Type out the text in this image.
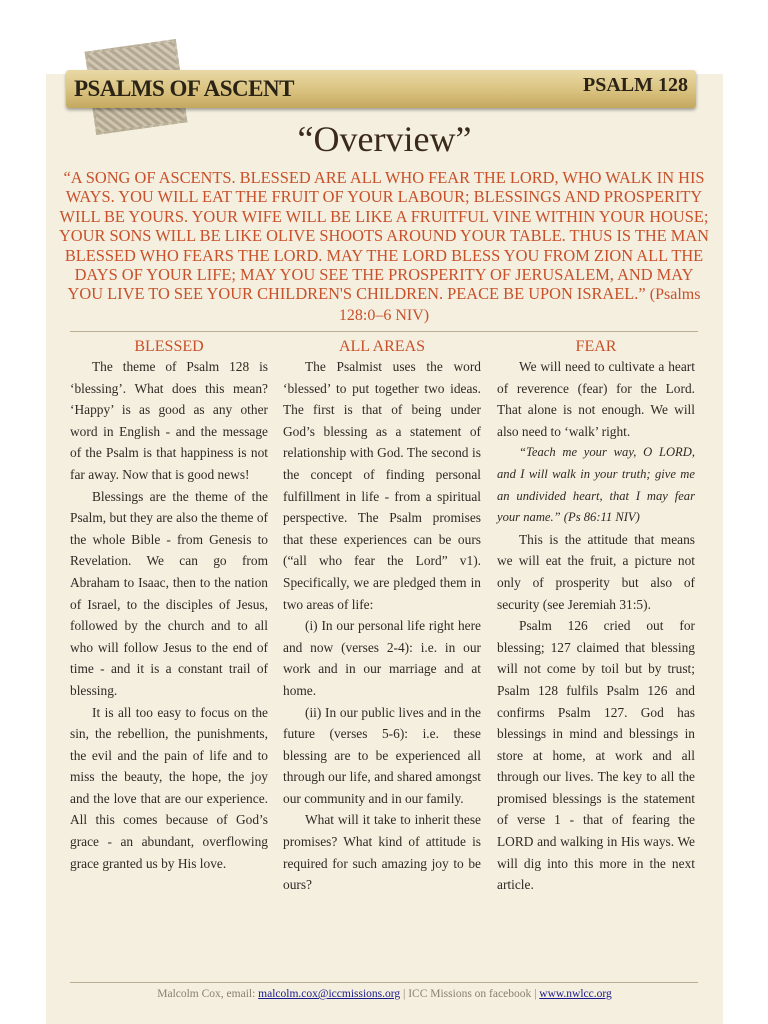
PSALMS OF ASCENT	PSALM 128
“Overview”
“A SONG OF ASCENTS. BLESSED ARE ALL WHO FEAR THE LORD, WHO WALK IN HIS WAYS. YOU WILL EAT THE FRUIT OF YOUR LABOUR; BLESSINGS AND PROSPERITY WILL BE YOURS. YOUR WIFE WILL BE LIKE A FRUITFUL VINE WITHIN YOUR HOUSE; YOUR SONS WILL BE LIKE OLIVE SHOOTS AROUND YOUR TABLE. THUS IS THE MAN BLESSED WHO FEARS THE LORD. MAY THE LORD BLESS YOU FROM ZION ALL THE DAYS OF YOUR LIFE; MAY YOU SEE THE PROSPERITY OF JERUSALEM, AND MAY YOU LIVE TO SEE YOUR CHILDREN'S CHILDREN. PEACE BE UPON ISRAEL.” (Psalms 128:0–6 NIV)
BLESSED	ALL AREAS	FEAR

The theme of Psalm 128 is ‘blessing’. What does this mean? ‘Happy’ is as good as any other word in English - and the message of the Psalm is that happiness is not far away. Now that is good news!

Blessings are the theme of the Psalm, but they are also the theme of the whole Bible - from Genesis to Revelation. We can go from Abraham to Isaac, then to the nation of Israel, to the disciples of Jesus, followed by the church and to all who will follow Jesus to the end of time - and it is a constant trail of blessing.

It is all too easy to focus on the sin, the rebellion, the punishments, the evil and the pain of life and to miss the beauty, the hope, the joy and the love that are our experience. All this comes because of God’s grace - an abundant, overflowing grace granted us by His love.

The Psalmist uses the word ‘blessed’ to put together two ideas. The first is that of being under God’s blessing as a statement of relationship with God. The second is the concept of finding personal fulfillment in life - from a spiritual perspective. The Psalm promises that these experiences can be ours (“all who fear the Lord” v1). Specifically, we are pledged them in two areas of life:

(i) In our personal life right here and now (verses 2-4): i.e. in our work and in our marriage and at home.

(ii) In our public lives and in the future (verses 5-6): i.e. these blessing are to be experienced all through our life, and shared amongst our community and in our family.

What will it take to inherit these promises? What kind of attitude is required for such amazing joy to be ours?

We will need to cultivate a heart of reverence (fear) for the Lord. That alone is not enough. We will also need to ‘walk’ right.

“Teach me your way, O LORD, and I will walk in your truth; give me an undivided heart, that I may fear your name.” (Ps 86:11 NIV)

This is the attitude that means we will eat the fruit, a picture not only of prosperity but also of security (see Jeremiah 31:5).

Psalm 126 cried out for blessing; 127 claimed that blessing will not come by toil but by trust; Psalm 128 fulfils Psalm 126 and confirms Psalm 127. God has blessings in mind and blessings in store at home, at work and all through our lives. The key to all the promised blessings is the statement of verse 1 - that of fearing the LORD and walking in His ways. We will dig into this more in the next article.

Malcolm Cox, email: malcolm.cox@iccmissions.org | ICC Missions on facebook | www.nwlcc.org
